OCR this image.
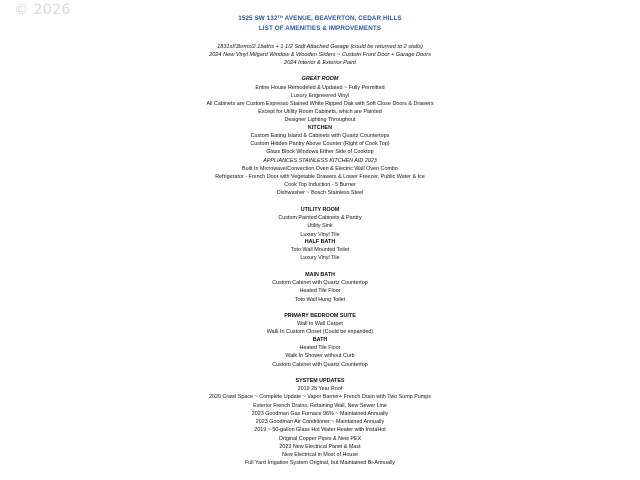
© 2026
1525 SW 132TH AVENUE, BEAVERTON, CEDAR HILLS
LIST OF AMENITIES & IMPROVEMENTS
1831sf/3brms/2.1baths + 1 1/2 Stall Attached Garage (could be returned to 2 stalls)
2024 New Vinyl Milgard Window & Wooden Sliders ~ Custom Front Door + Garage Doors
2024 Interior & Exterior Paint
GREAT ROOM
Entire House Remodeled & Updated ~ Fully Permitted
Luxury Engineered Vinyl
All Cabinets are Custom Espresso Stained White Ripped Oak with Soft Close Doors & Drawers
Except for Utility Room Cabinets, which are Painted
Designer Lighting Throughout
KITCHEN
Custom Eating Island & Cabinets with Quartz Countertops
Custom Hidden Pantry Above Counter (Right of Cook Top)
Glass Block Windows Either Side of Cooktop
APPLIANCES STAINLESS KITCHEN AID 2023
Built In Microwave/Convection Oven & Electric Wall Oven Combo
Refrigerator - French Door with Vegetable Drawers & Lower Freezer, Public Water & Ice
Cook Top Induction - 5 Burner
Dishwasher ~ Bosch Stainless Steel
UTILITY ROOM
Custom Painted Cabinets & Pantry
Utility Sink
Luxury Vinyl Tile
HALF BATH
Toto Wall Mounted Toilet
Luxury Vinyl Tile
MAIN BATH
Custom Cabinet with Quartz Countertop
Heated Tile Floor
Toto Wall Hung Toilet
PRIMARY BEDROOM SUITE
Wall to Wall Carpet
Walk In Custom Closet (Could be expanded)
BATH
Heated Tile Floor
Walk In Shower without Curb
Custom Cabinet with Quartz Countertop
SYSTEM UPDATES
2019 25 Year Roof
2020 Crawl Space ~ Complete Update ~ Vapor Barrier+ French Drain with Two Sump Pumps
Exterior French Drains, Retaining Wall, New Sewer Line
2023 Goodman Gas Furnace 96% ~ Maintained Annually
2023 Goodman Air Conditioner ~ Maintained Annually
2019 ~ 50-gallon Glass Hot Water Heater with InstaHot
Original Copper Pipes & New PEX
2023 New Electrical Panel & Mast
New Electrical in Most of House
Full Yard Irrigation System Original, but Maintained Bi-Annually
